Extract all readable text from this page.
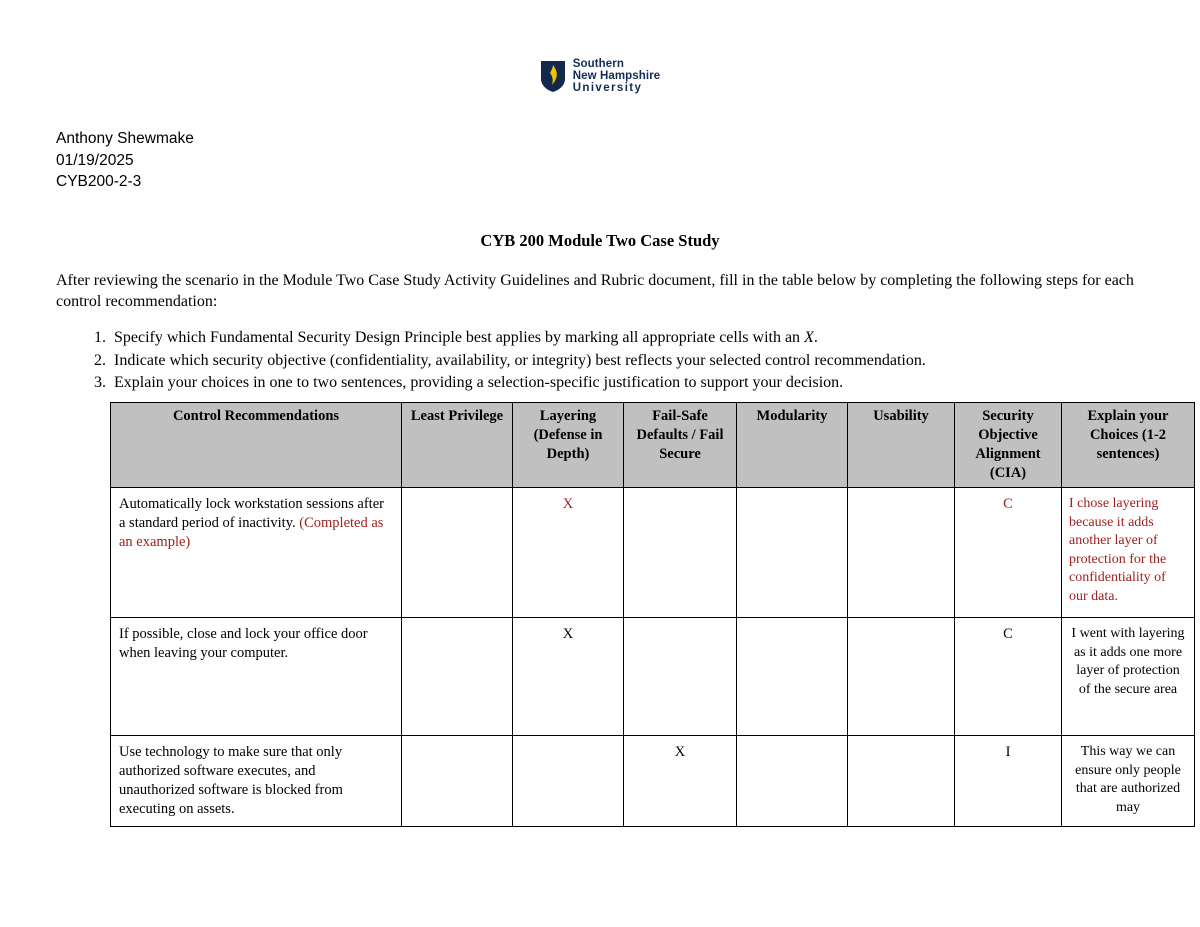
Southern
New Hampshire
University
Anthony Shewmake
01/19/2025
CYB200-2-3
CYB 200 Module Two Case Study
After reviewing the scenario in the Module Two Case Study Activity Guidelines and Rubric document, fill in the table below by completing the following steps for each control recommendation:
1. Specify which Fundamental Security Design Principle best applies by marking all appropriate cells with an X.
2. Indicate which security objective (confidentiality, availability, or integrity) best reflects your selected control recommendation.
3. Explain your choices in one to two sentences, providing a selection-specific justification to support your decision.
Control Recommendations	Least Privilege	Layering (Defense in Depth)	Fail-Safe Defaults / Fail Secure	Modularity	Usability	Security Objective Alignment (CIA)	Explain your Choices (1-2 sentences)
Automatically lock workstation sessions after a standard period of inactivity. (Completed as an example)		X				C	I chose layering because it adds another layer of protection for the confidentiality of our data.
If possible, close and lock your office door when leaving your computer.		X				C	I went with layering as it adds one more layer of protection of the secure area
Use technology to make sure that only authorized software executes, and unauthorized software is blocked from executing on assets.			X			I	This way we can ensure only people that are authorized may
